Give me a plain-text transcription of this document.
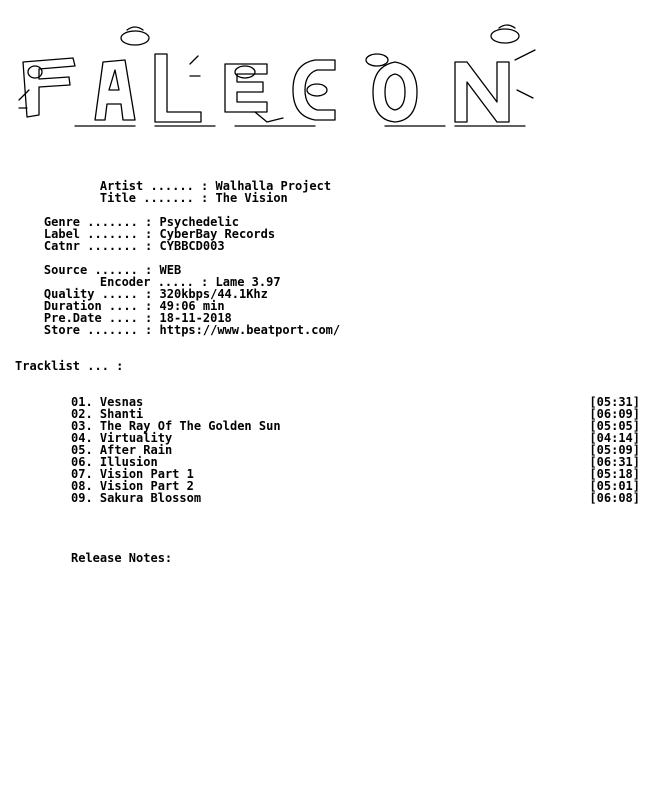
Artist ...... : Walhalla Project

Title ....... : The Vision

Genre ....... : Psychedelic

Label ....... : CyberBay Records

Catnr ....... : CYBBCD003

Source ...... : WEB

Encoder ..... : Lame 3.97

Quality ..... : 320kbps/44.1Khz

Duration .... : 49:06 min

Pre.Date .... : 18-11-2018

Store ....... : https://www.beatport.com/

Tracklist ... :
01. Vesnas	[05:31]
02. Shanti	[06:09]
03. The Ray Of The Golden Sun	[05:05]
04. Virtuality	[04:14]
05. After Rain	[05:09]
06. Illusion	[06:31]
07. Vision Part 1	[05:18]
08. Vision Part 2	[05:01]
09. Sakura Blossom	[06:08]
Release Notes:
